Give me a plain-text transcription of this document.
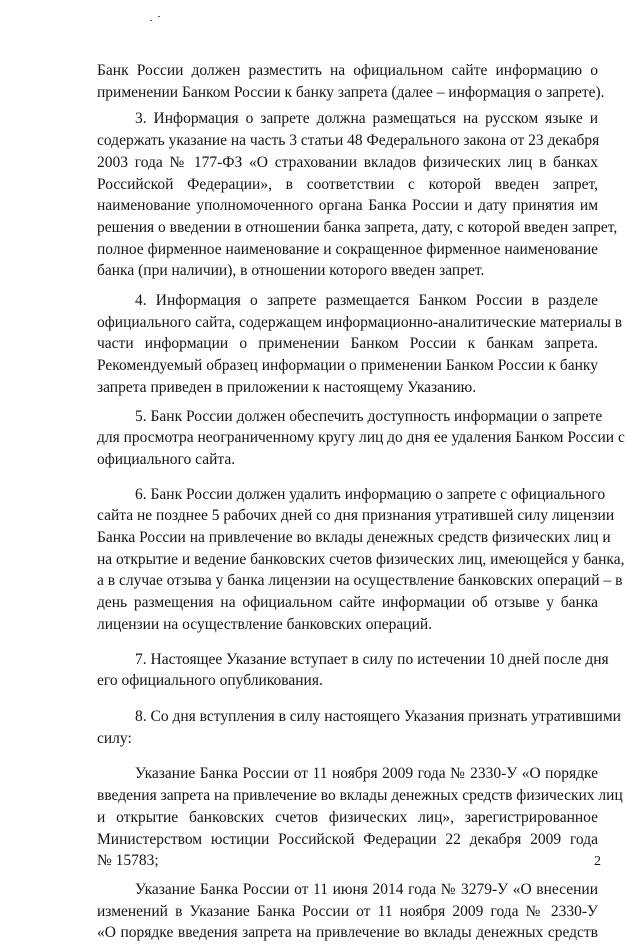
Банк России должен разместить на официальном сайте информацию о
применении Банком России к банку запрета (далее – информация о запрете).
3. Информация о запрете должна размещаться на русском языке и
содержать указание на часть 3 статьи 48 Федерального закона от 23 декабря
2003 года № 177-ФЗ «О страховании вкладов физических лиц в банках
Российской Федерации», в соответствии с которой введен запрет,
наименование уполномоченного органа Банка России и дату принятия им
решения о введении в отношении банка запрета, дату, с которой введен запрет,
полное фирменное наименование и сокращенное фирменное наименование
банка (при наличии), в отношении которого введен запрет.
4. Информация о запрете размещается Банком России в разделе
официального сайта, содержащем информационно-аналитические материалы в
части информации о применении Банком России к банкам запрета.
Рекомендуемый образец информации о применении Банком России к банку
запрета приведен в приложении к настоящему Указанию.
5. Банк России должен обеспечить доступность информации о запрете
для просмотра неограниченному кругу лиц до дня ее удаления Банком России с
официального сайта.
6. Банк России должен удалить информацию о запрете с официального
сайта не позднее 5 рабочих дней со дня признания утратившей силу лицензии
Банка России на привлечение во вклады денежных средств физических лиц и
на открытие и ведение банковских счетов физических лиц, имеющейся у банка,
а в случае отзыва у банка лицензии на осуществление банковских операций – в
день размещения на официальном сайте информации об отзыве у банка
лицензии на осуществление банковских операций.
7. Настоящее Указание вступает в силу по истечении 10 дней после дня
его официального опубликования.
8. Со дня вступления в силу настоящего Указания признать утратившими
силу:
Указание Банка России от 11 ноября 2009 года № 2330-У «О порядке
введения запрета на привлечение во вклады денежных средств физических лиц
и открытие банковских счетов физических лиц», зарегистрированное
Министерством юстиции Российской Федерации 22 декабря 2009 года
№ 15783;
Указание Банка России от 11 июня 2014 года № 3279-У «О внесении
изменений в Указание Банка России от 11 ноября 2009 года № 2330-У
«О порядке введения запрета на привлечение во вклады денежных средств
2
